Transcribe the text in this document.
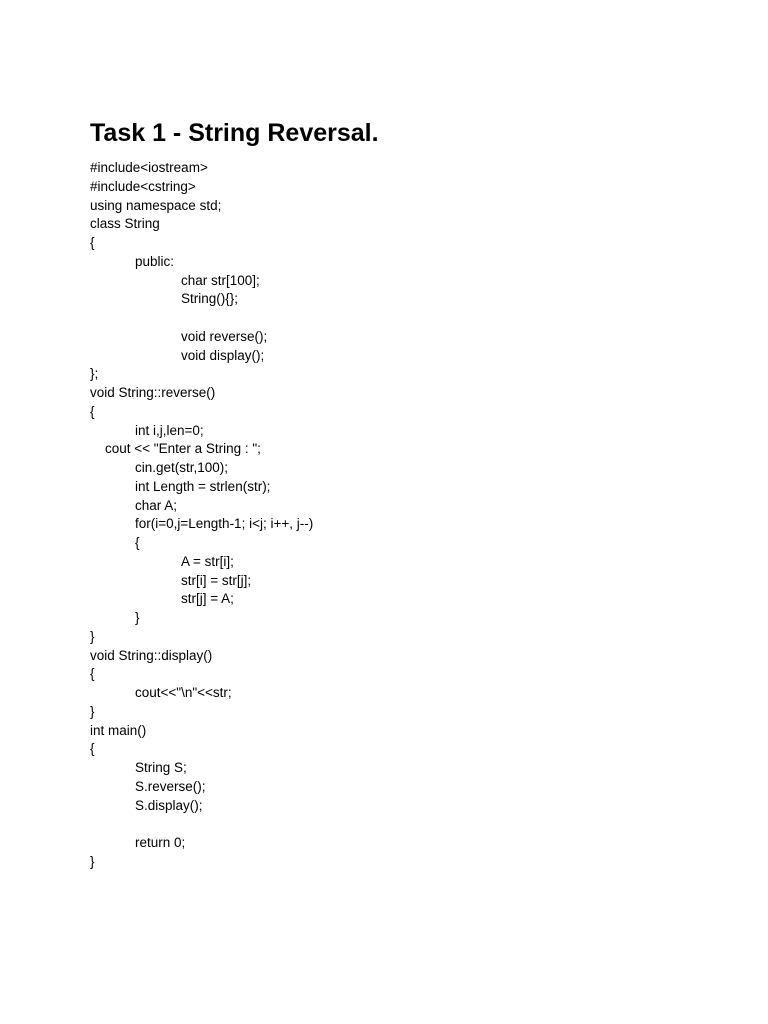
Task 1 - String Reversal.
#include<iostream>
#include<cstring>
using namespace std;
class String
{
public:
char str[100];
String(){};
void reverse();
void display();
};
void String::reverse()
{
int i,j,len=0;
cout << "Enter a String : ";
cin.get(str,100);
int Length = strlen(str);
char A;
for(i=0,j=Length-1; i<j; i++, j--)
{
A = str[i];
str[i] = str[j];
str[j] = A;
}
}
void String::display()
{
cout<<"\n"<<str;
}
int main()
{
String S;
S.reverse();
S.display();
return 0;
}
